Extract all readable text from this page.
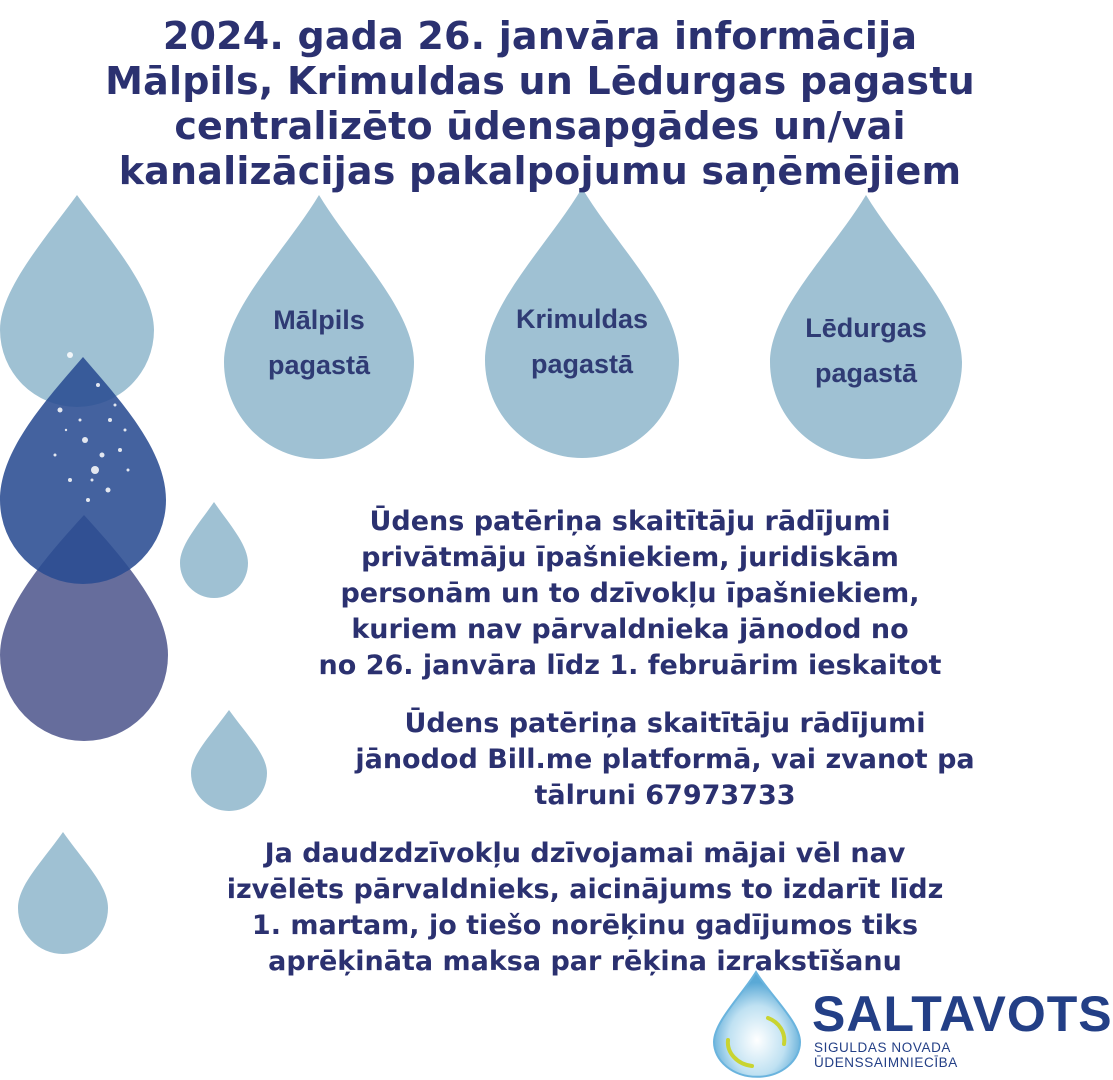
2024. gada 26. janvāra informācija
Mālpils, Krimuldas un Lēdurgas pagastu
centralizēto ūdensapgādes un/vai
kanalizācijas pakalpojumu saņēmējiem
Mālpils
pagastā
Krimuldas
pagastā
Lēdurgas
pagastā
Ūdens patēriņa skaitītāju rādījumi
privātmāju īpašniekiem, juridiskām
personām un to dzīvokļu īpašniekiem,
kuriem nav pārvaldnieka jānodod no
no 26. janvāra līdz 1. februārim ieskaitot
Ūdens patēriņa skaitītāju rādījumi
jānodod Bill.me platformā, vai zvanot pa
tālruni 67973733
Ja daudzdzīvokļu dzīvojamai mājai vēl nav
izvēlēts pārvaldnieks, aicinājums to izdarīt līdz
1. martam, jo tiešo norēķinu gadījumos tiks
aprēķināta maksa par rēķina izrakstīšanu
SALTAVOTS
SIGULDAS NOVADA ŪDENSSAIMNIECĪBA
